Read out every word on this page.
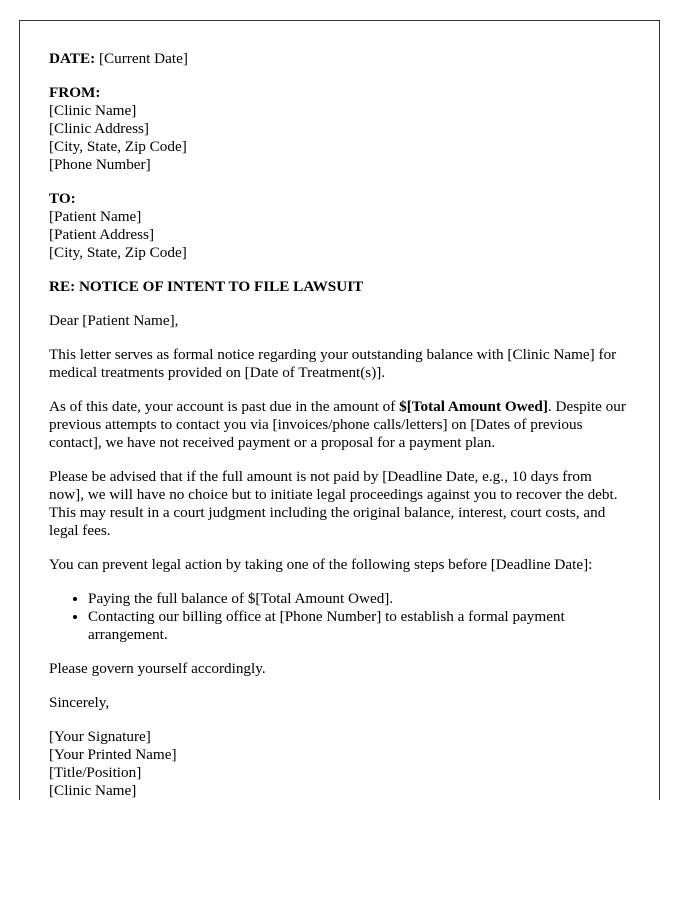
DATE: [Current Date]
FROM:
[Clinic Name]
[Clinic Address]
[City, State, Zip Code]
[Phone Number]
TO:
[Patient Name]
[Patient Address]
[City, State, Zip Code]

RE: NOTICE OF INTENT TO FILE LAWSUIT

Dear [Patient Name],

This letter serves as formal notice regarding your outstanding balance with [Clinic Name] for medical treatments provided on [Date of Treatment(s)].

As of this date, your account is past due in the amount of $[Total Amount Owed]. Despite our previous attempts to contact you via [invoices/phone calls/letters] on [Dates of previous contact], we have not received payment or a proposal for a payment plan.

Please be advised that if the full amount is not paid by [Deadline Date, e.g., 10 days from now], we will have no choice but to initiate legal proceedings against you to recover the debt. This may result in a court judgment including the original balance, interest, court costs, and legal fees.

You can prevent legal action by taking one of the following steps before [Deadline Date]:

• Paying the full balance of $[Total Amount Owed].
• Contacting our billing office at [Phone Number] to establish a formal payment arrangement.

Please govern yourself accordingly.

Sincerely,

[Your Signature]
[Your Printed Name]
[Title/Position]
[Clinic Name]
